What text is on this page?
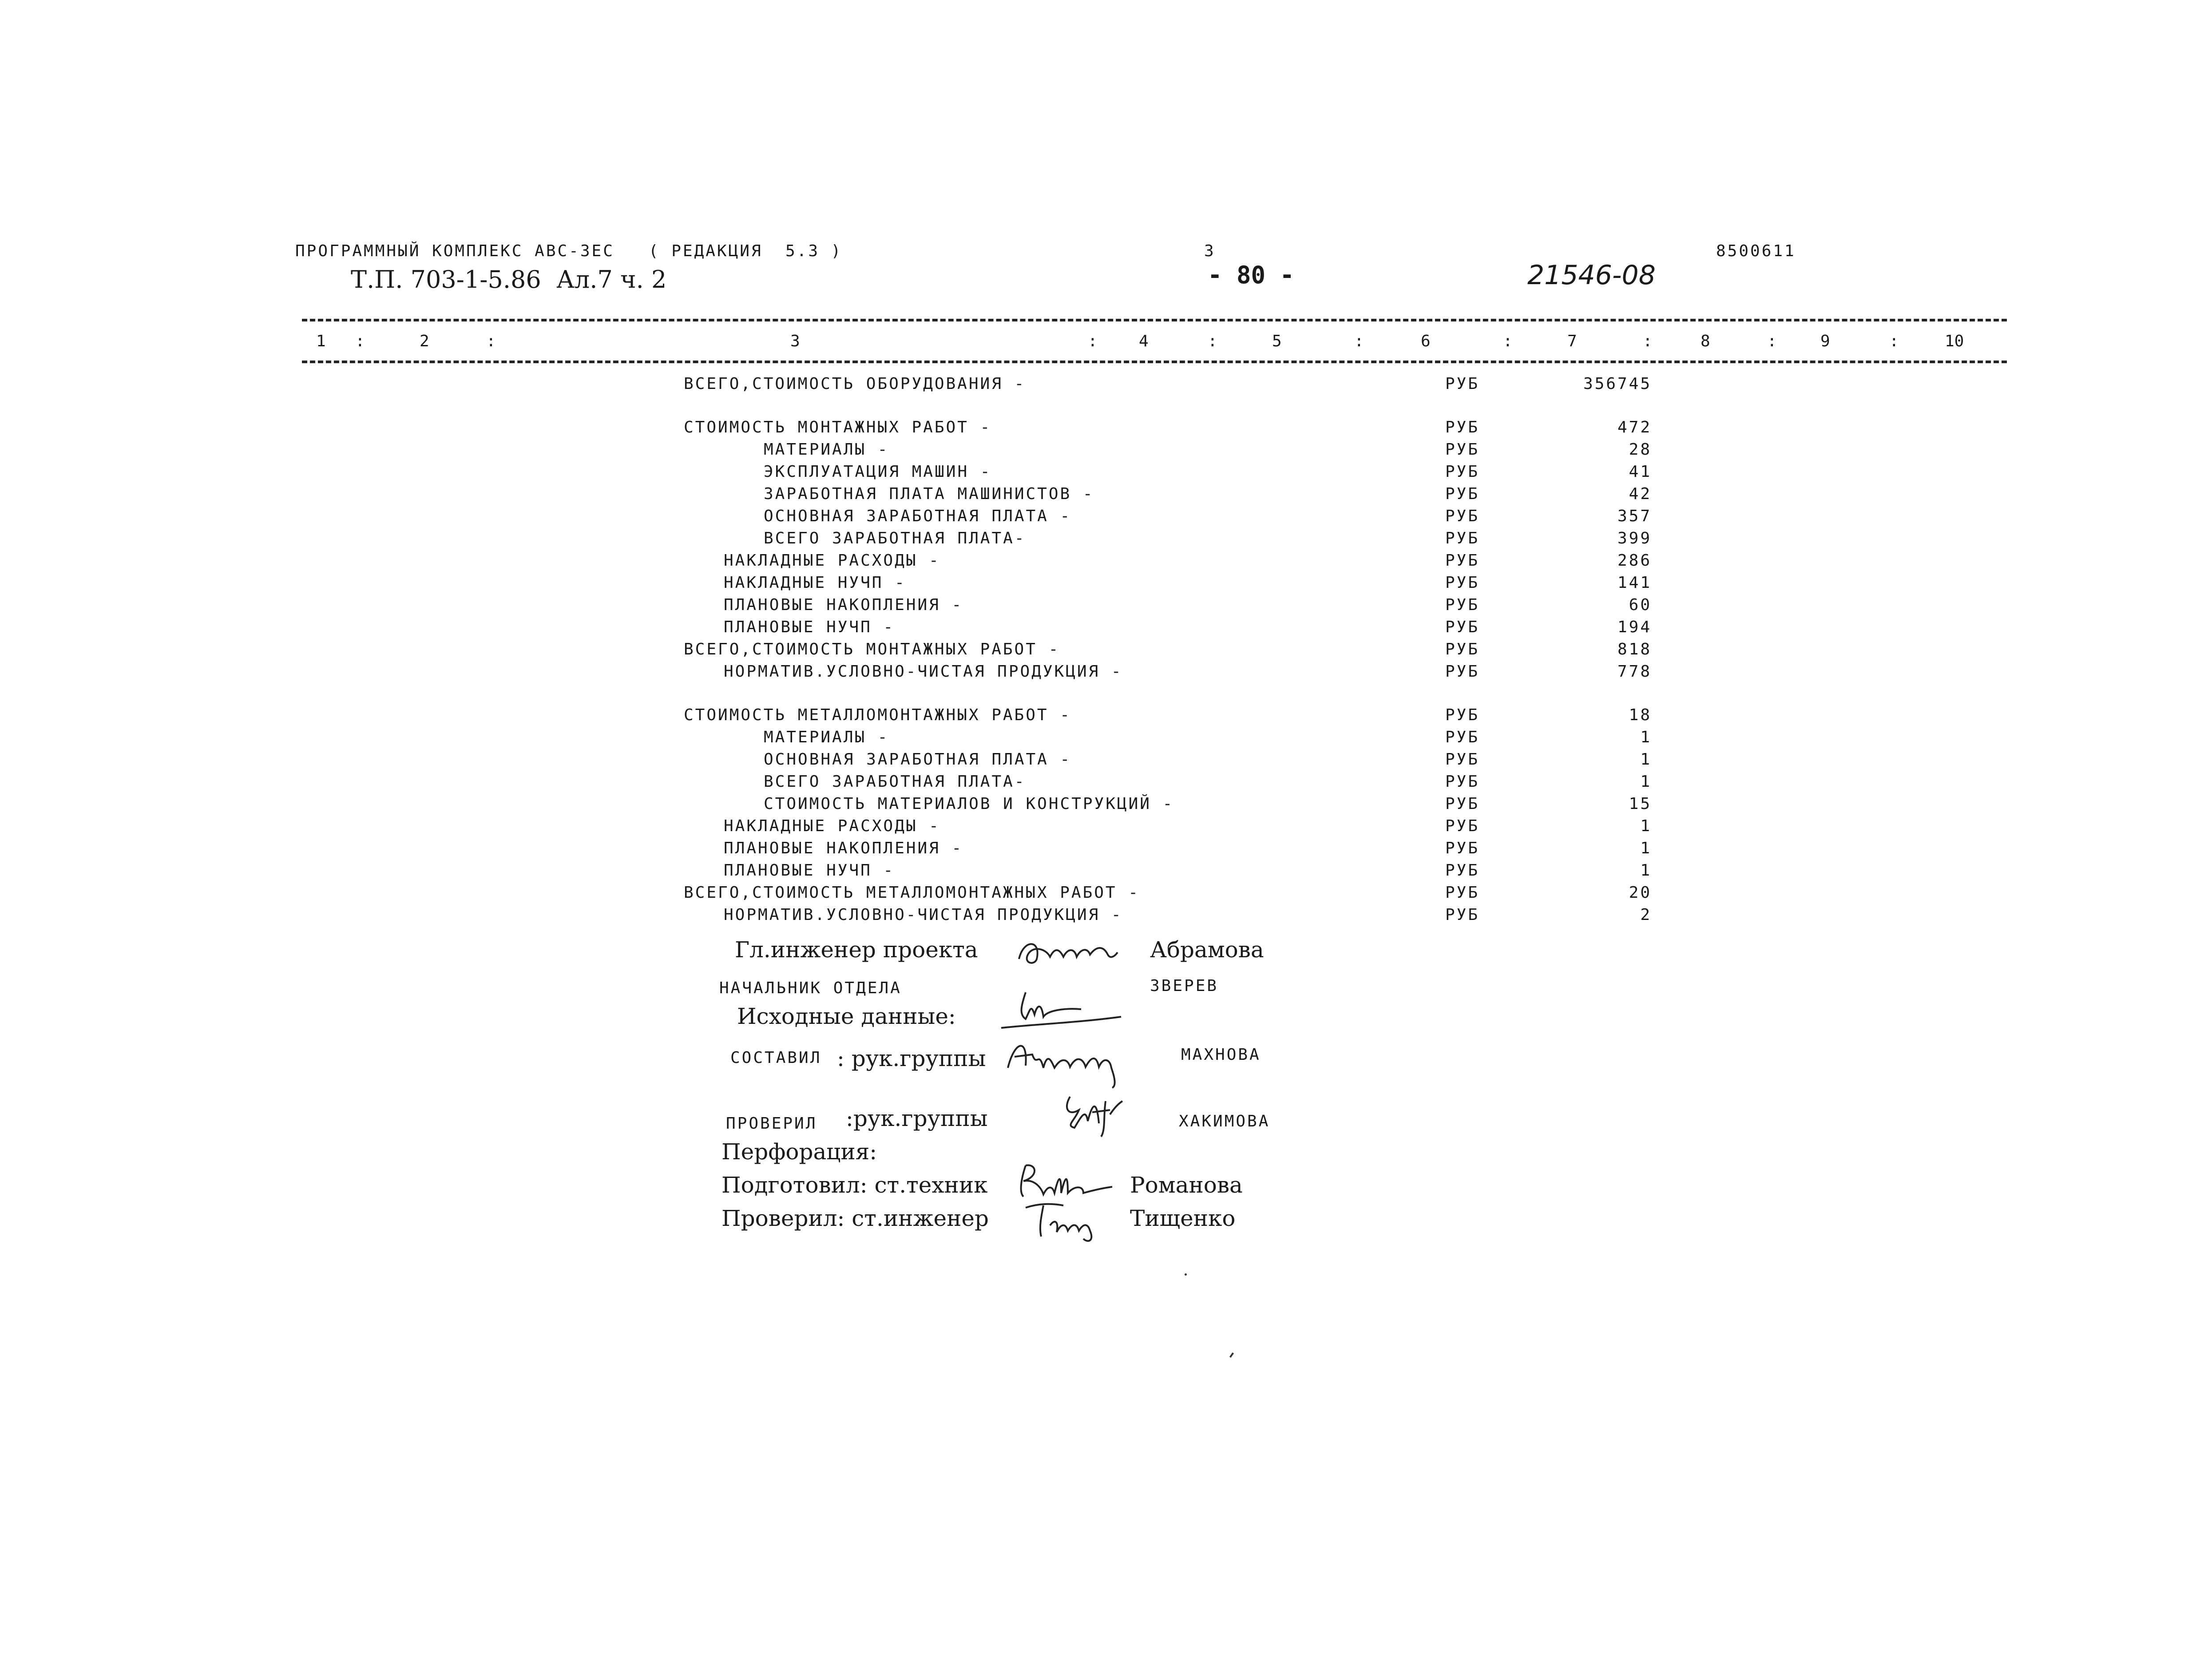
ПРОГРАММНЫЙ КОМПЛЕКС АВС-3ЕС   ( РЕДАКЦИЯ  5.3 )
Т.П. 703-1-5.86  Ал.7 ч. 2
3
- 80 -	21546-08
8500611
1	2	3	4	5	6	7	8	9	10
:	:	:	:	:	:	:	:	:
ВСЕГО,СТОИМОСТЬ ОБОРУДОВАНИЯ -	РУБ	356745
СТОИМОСТЬ МОНТАЖНЫХ РАБОТ -	РУБ	472
МАТЕРИАЛЫ -	РУБ	28
ЭКСПЛУАТАЦИЯ МАШИН -	РУБ	41
ЗАРАБОТНАЯ ПЛАТА МАШИНИСТОВ -	РУБ	42
ОСНОВНАЯ ЗАРАБОТНАЯ ПЛАТА -	РУБ	357
ВСЕГО ЗАРАБОТНАЯ ПЛАТА-	РУБ	399
НАКЛАДНЫЕ РАСХОДЫ -	РУБ	286
НАКЛАДНЫЕ НУЧП -	РУБ	141
ПЛАНОВЫЕ НАКОПЛЕНИЯ -	РУБ	60
ПЛАНОВЫЕ НУЧП -	РУБ	194
ВСЕГО,СТОИМОСТЬ МОНТАЖНЫХ РАБОТ -	РУБ	818
НОРМАТИВ.УСЛОВНО-ЧИСТАЯ ПРОДУКЦИЯ -	РУБ	778
СТОИМОСТЬ МЕТАЛЛОМОНТАЖНЫХ РАБОТ -	РУБ	18
МАТЕРИАЛЫ -	РУБ	1
ОСНОВНАЯ ЗАРАБОТНАЯ ПЛАТА -	РУБ	1
ВСЕГО ЗАРАБОТНАЯ ПЛАТА-	РУБ	1
СТОИМОСТЬ МАТЕРИАЛОВ И КОНСТРУКЦИЙ -	РУБ	15
НАКЛАДНЫЕ РАСХОДЫ -	РУБ	1
ПЛАНОВЫЕ НАКОПЛЕНИЯ -	РУБ	1
ПЛАНОВЫЕ НУЧП -	РУБ	1
ВСЕГО,СТОИМОСТЬ МЕТАЛЛОМОНТАЖНЫХ РАБОТ -	РУБ	20
НОРМАТИВ.УСЛОВНО-ЧИСТАЯ ПРОДУКЦИЯ -	РУБ	2
Гл.инженер проекта	Абрамова
НАЧАЛЬНИК ОТДЕЛА	ЗВЕРЕВ
Исходные данные:
СОСТАВИЛ : рук.группы	МАХНОВА
ПРОВЕРИЛ :рук.группы	ХАКИМОВА
Перфорация:
Подготовил: ст.техник	Романова
Проверил: ст.инженер	Тищенко
